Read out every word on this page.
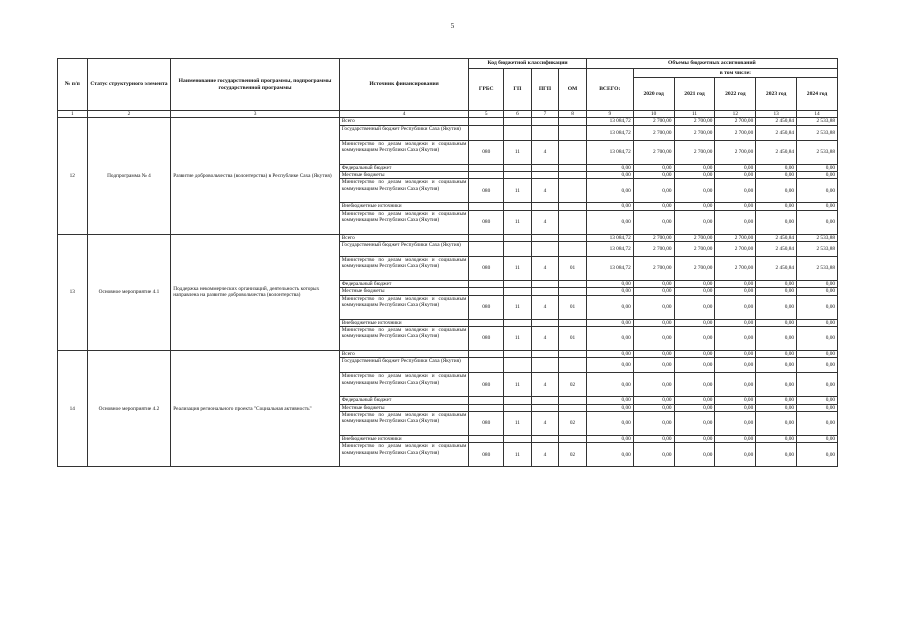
5
№ п/п	Статус структурного элемента	Наименование государственной программы, подпрограммы государственной программы	Источник финансирования	Код бюджетной классификации				Объемы бюджетных ассигнований					
				ГРБС	ГП	ПГП	ОМ	ВСЕГО:	в том числе:				
									2020 год	2021 год	2022 год	2023 год	2024 год
1	2	3	4	5	6	7	8	9	10	11	12	13	14
12	Подпрограмма № 4	Развитие добровольчества (волонтерства) в Республике Саха (Якутия)	Всего					13 084,72	2 700,00	2 700,00	2 700,00	2 450,84	2 533,88
			Государственный бюджет Республики Саха (Якутия)					13 084,72	2 700,00	2 700,00	2 700,00	2 450,84	2 533,88
			Министерство по делам молодежи и социальным коммуникациям Республики Саха (Якутия)	080	11	4		13 084,72	2 700,00	2 700,00	2 700,00	2 450,84	2 533,88
			Федеральный бюджет					0,00	0,00	0,00	0,00	0,00	0,00
			Местные бюджеты					0,00	0,00	0,00	0,00	0,00	0,00
			Министерство по делам молодежи и социальным коммуникациям Республики Саха (Якутия)	080	11	4		0,00	0,00	0,00	0,00	0,00	0,00
			Внебюджетные источники					0,00	0,00	0,00	0,00	0,00	0,00
			Министерство по делам молодежи и социальным коммуникациям Республики Саха (Якутия)	080	11	4		0,00	0,00	0,00	0,00	0,00	0,00
13	Основное мероприятие 4.1	Поддержка некоммерческих организаций, деятельность которых направлена на развитие добровольчества (волонтерства)	Всего					13 084,72	2 700,00	2 700,00	2 700,00	2 450,84	2 533,88
			Государственный бюджет Республики Саха (Якутия)					13 084,72	2 700,00	2 700,00	2 700,00	2 450,84	2 533,88
			Министерство по делам молодежи и социальным коммуникациям Республики Саха (Якутия)	080	11	4	01	13 084,72	2 700,00	2 700,00	2 700,00	2 450,84	2 533,88
			Федеральный бюджет					0,00	0,00	0,00	0,00	0,00	0,00
			Местные бюджеты					0,00	0,00	0,00	0,00	0,00	0,00
			Министерство по делам молодежи и социальным коммуникациям Республики Саха (Якутия)	080	11	4	01	0,00	0,00	0,00	0,00	0,00	0,00
			Внебюджетные источники					0,00	0,00	0,00	0,00	0,00	0,00
			Министерство по делам молодежи и социальным коммуникациям Республики Саха (Якутия)	080	11	4	01	0,00	0,00	0,00	0,00	0,00	0,00
14	Основное мероприятие 4.2	Реализация регионального проекта "Социальная активность"	Всего					0,00	0,00	0,00	0,00	0,00	0,00
			Государственный бюджет Республики Саха (Якутия)					0,00	0,00	0,00	0,00	0,00	0,00
			Министерство по делам молодежи и социальным коммуникациям Республики Саха (Якутия)	080	11	4	02	0,00	0,00	0,00	0,00	0,00	0,00
			Федеральный бюджет					0,00	0,00	0,00	0,00	0,00	0,00
			Местные бюджеты					0,00	0,00	0,00	0,00	0,00	0,00
			Министерство по делам молодежи и социальным коммуникациям Республики Саха (Якутия)	080	11	4	02	0,00	0,00	0,00	0,00	0,00	0,00
			Внебюджетные источники					0,00	0,00	0,00	0,00	0,00	0,00
			Министерство по делам молодежи и социальным коммуникациям Республики Саха (Якутия)	080	11	4	02	0,00	0,00	0,00	0,00	0,00	0,00
